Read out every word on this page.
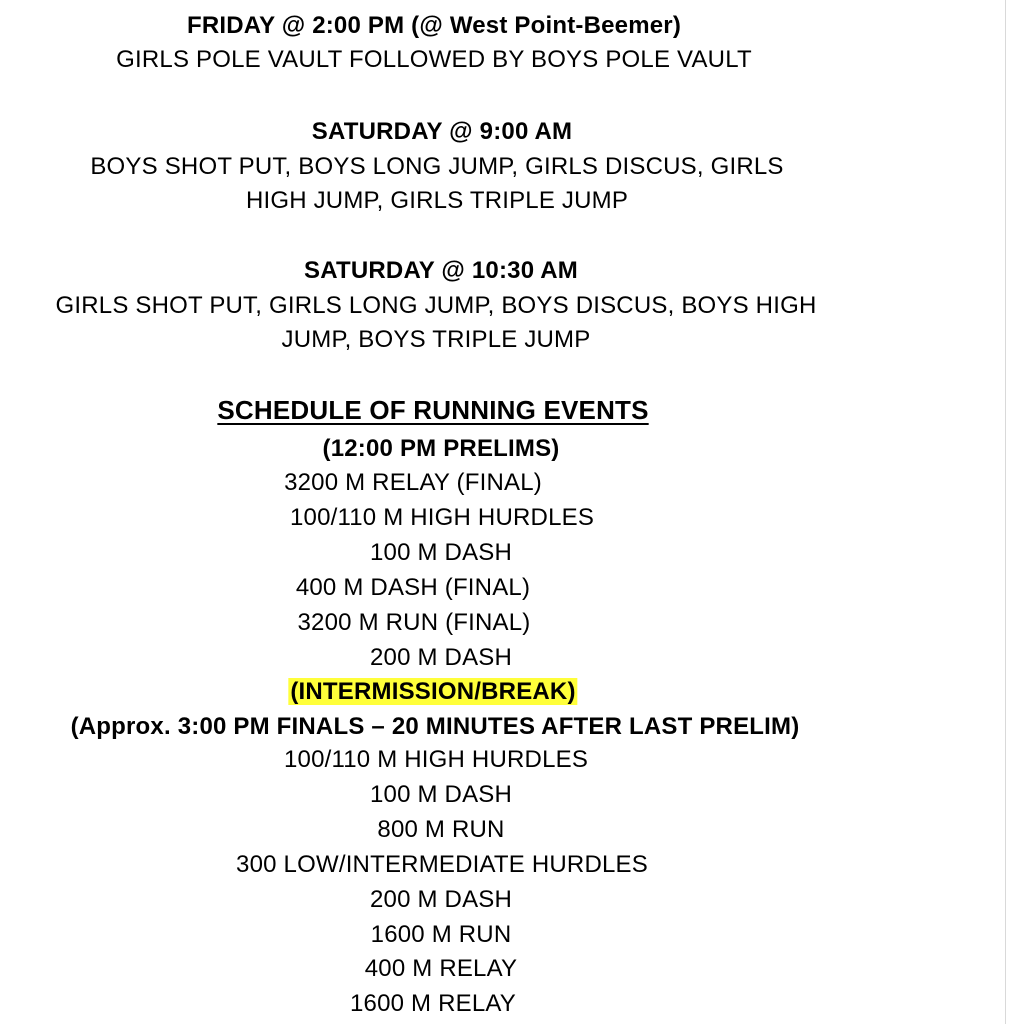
FRIDAY @ 2:00 PM (@ West Point-Beemer)
GIRLS POLE VAULT FOLLOWED BY BOYS POLE VAULT
SATURDAY @ 9:00 AM
BOYS SHOT PUT, BOYS LONG JUMP, GIRLS DISCUS, GIRLS
HIGH JUMP, GIRLS TRIPLE JUMP
SATURDAY @ 10:30 AM
GIRLS SHOT PUT, GIRLS LONG JUMP, BOYS DISCUS, BOYS HIGH
JUMP, BOYS TRIPLE JUMP
SCHEDULE OF RUNNING EVENTS
(12:00 PM PRELIMS)
3200 M RELAY (FINAL)
100/110 M HIGH HURDLES
100 M DASH
400 M DASH (FINAL)
3200 M RUN (FINAL)
200 M DASH
(INTERMISSION/BREAK)
(Approx. 3:00 PM FINALS – 20 MINUTES AFTER LAST PRELIM)
100/110 M HIGH HURDLES
100 M DASH
800 M RUN
300 LOW/INTERMEDIATE HURDLES
200 M DASH
1600 M RUN
400 M RELAY
1600 M RELAY
